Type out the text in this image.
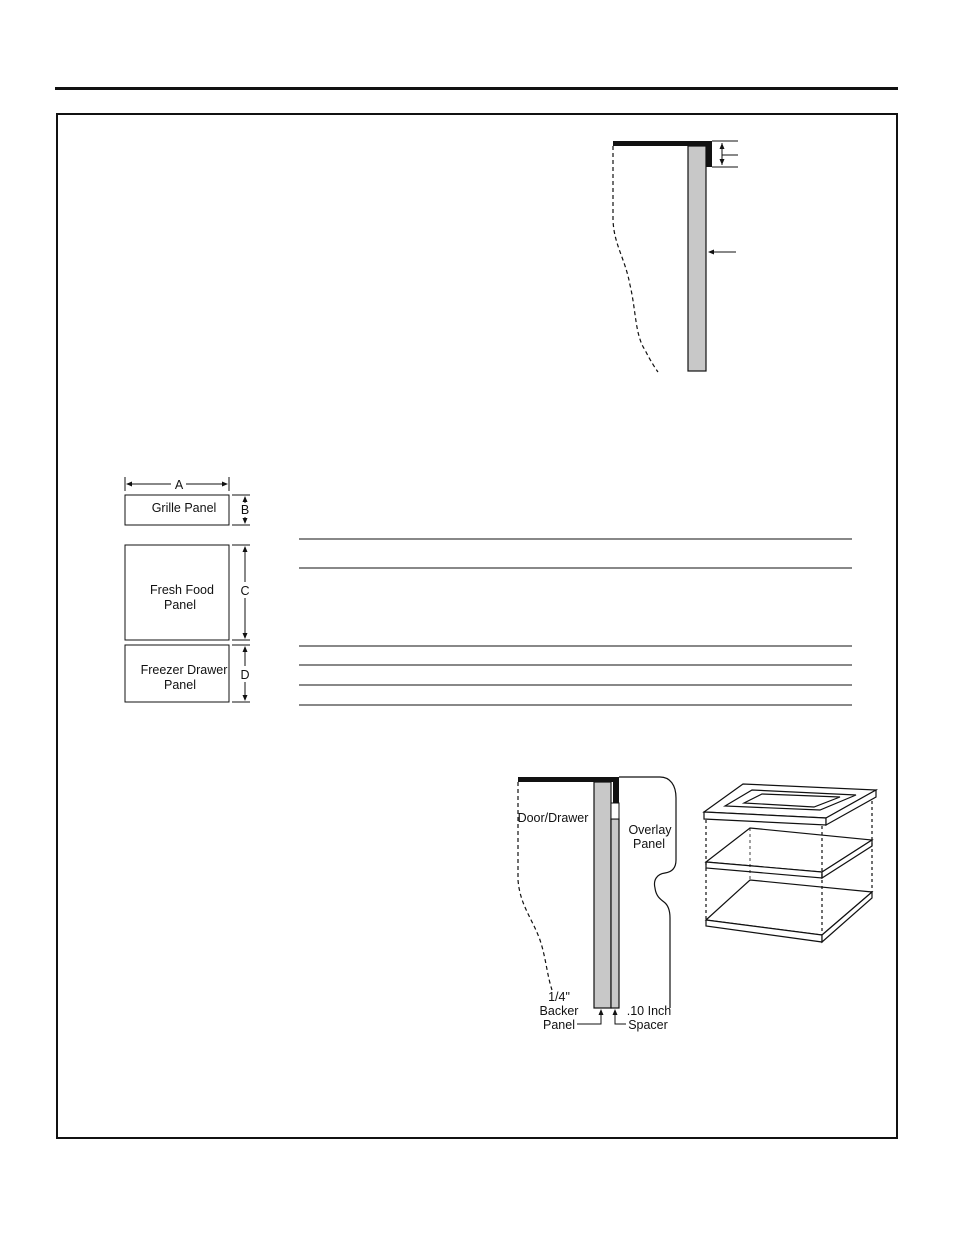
A
Grille Panel B
Fresh Food
Panel
C
Freezer Drawer
Panel
D
Door/Drawer
Overlay
Panel
1/4"
Backer
Panel
.10 Inch
Spacer
